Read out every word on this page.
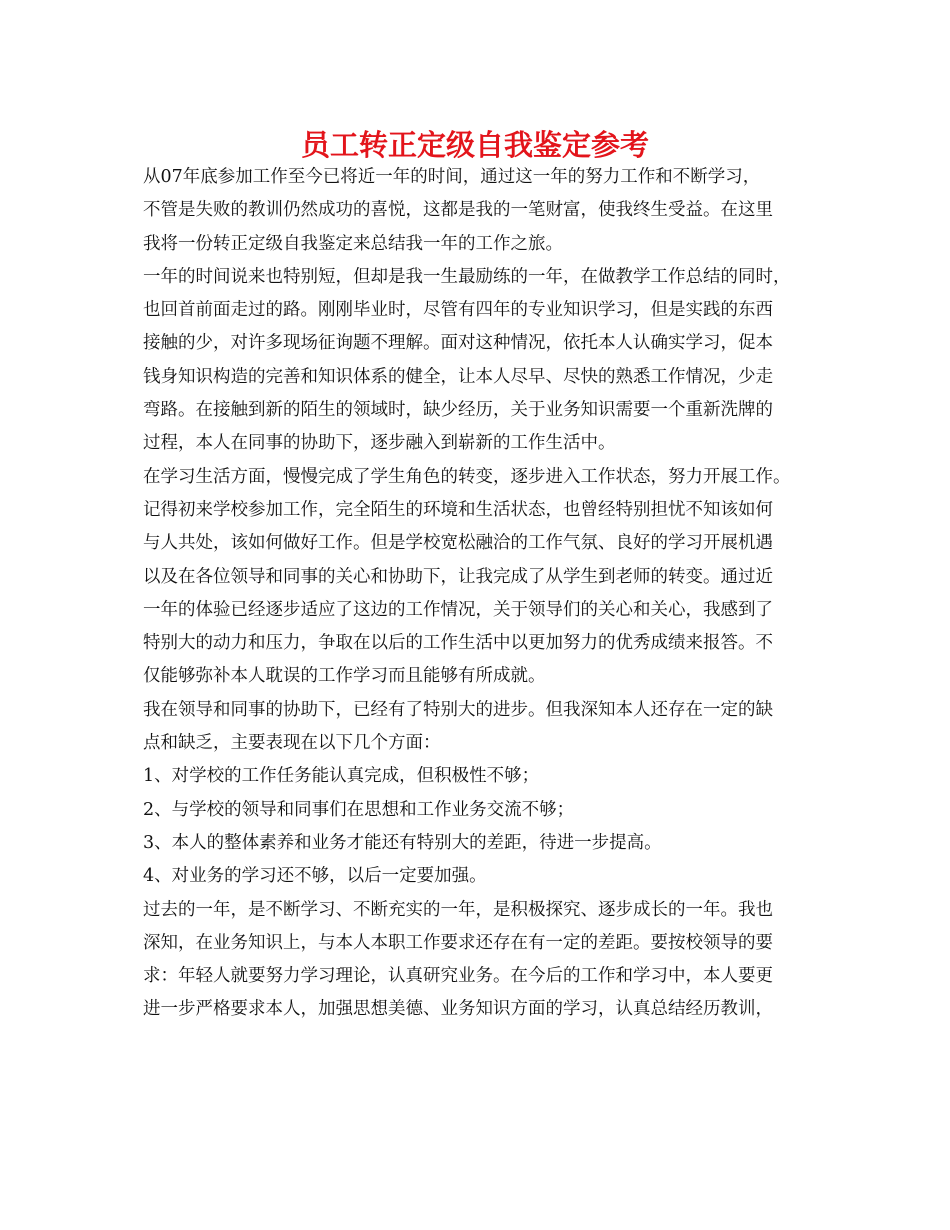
员工转正定级自我鉴定参考
从07年底参加工作至今已将近一年的时间，通过这一年的努力工作和不断学习，
不管是失败的教训仍然成功的喜悦，这都是我的一笔财富，使我终生受益。在这里
我将一份转正定级自我鉴定来总结我一年的工作之旅。
一年的时间说来也特别短，但却是我一生最励练的一年，在做教学工作总结的同时，
也回首前面走过的路。刚刚毕业时，尽管有四年的专业知识学习，但是实践的东西
接触的少，对许多现场征询题不理解。面对这种情况，依托本人认确实学习，促本
钱身知识构造的完善和知识体系的健全，让本人尽早、尽快的熟悉工作情况，少走
弯路。在接触到新的陌生的领域时，缺少经历，关于业务知识需要一个重新洗牌的
过程，本人在同事的协助下，逐步融入到崭新的工作生活中。
在学习生活方面，慢慢完成了学生角色的转变，逐步进入工作状态，努力开展工作。
记得初来学校参加工作，完全陌生的环境和生活状态，也曾经特别担忧不知该如何
与人共处，该如何做好工作。但是学校宽松融洽的工作气氛、良好的学习开展机遇
以及在各位领导和同事的关心和协助下，让我完成了从学生到老师的转变。通过近
一年的体验已经逐步适应了这边的工作情况，关于领导们的关心和关心，我感到了
特别大的动力和压力，争取在以后的工作生活中以更加努力的优秀成绩来报答。不
仅能够弥补本人耽误的工作学习而且能够有所成就。
我在领导和同事的协助下，已经有了特别大的进步。但我深知本人还存在一定的缺
点和缺乏，主要表现在以下几个方面：
1、对学校的工作任务能认真完成，但积极性不够；
2、与学校的领导和同事们在思想和工作业务交流不够；
3、本人的整体素养和业务才能还有特别大的差距，待进一步提高。
4、对业务的学习还不够，以后一定要加强。
过去的一年，是不断学习、不断充实的一年，是积极探究、逐步成长的一年。我也
深知，在业务知识上，与本人本职工作要求还存在有一定的差距。要按校领导的要
求：年轻人就要努力学习理论，认真研究业务。在今后的工作和学习中，本人要更
进一步严格要求本人，加强思想美德、业务知识方面的学习，认真总结经历教训，
